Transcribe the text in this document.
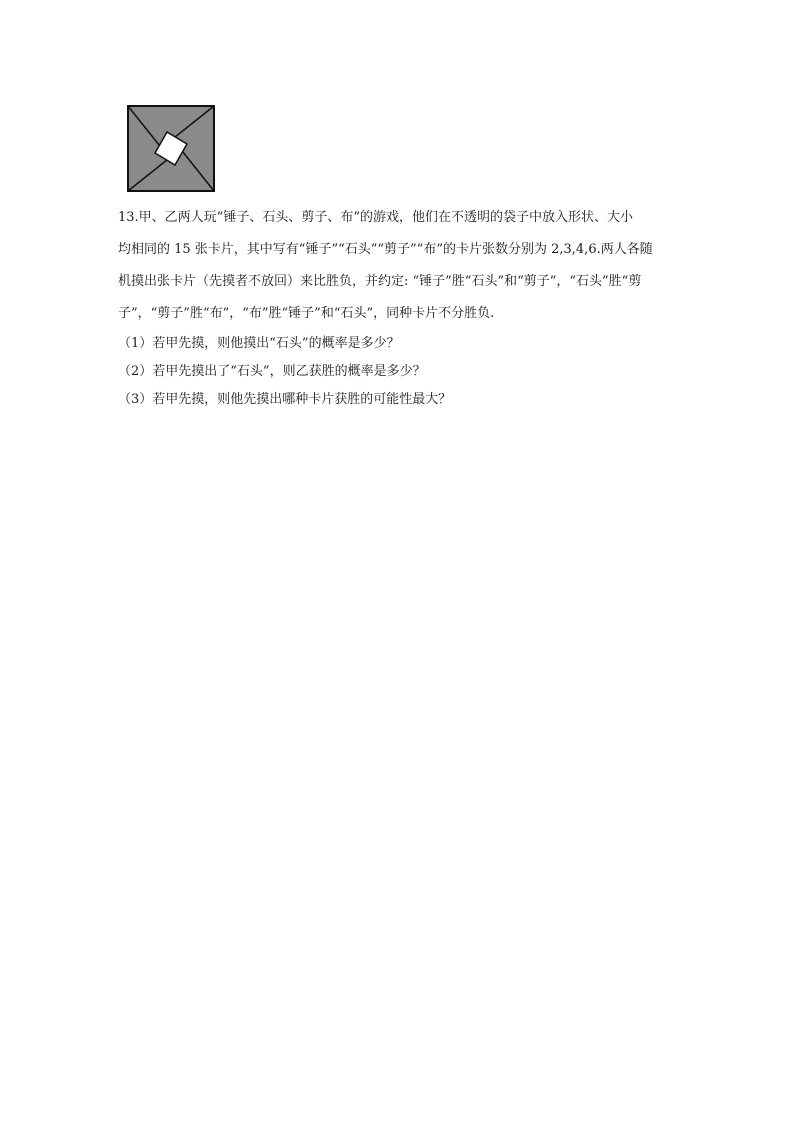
13.甲、乙两人玩“锤子、石头、剪子、布”的游戏，他们在不透明的袋子中放入形状、大小
均相同的 15 张卡片，其中写有“锤子”“石头”“剪子”“布”的卡片张数分别为 2,3,4,6.两人各随
机摸出张卡片（先摸者不放回）来比胜负，并约定: “锤子”胜“石头”和“剪子”，“石头”胜“剪
子”，“剪子”胜“布”，“布”胜“锤子”和“石头”，同种卡片不分胜负.
（1）若甲先摸，则他摸出“石头”的概率是多少？
（2）若甲先摸出了“石头”，则乙获胜的概率是多少？
（3）若甲先摸，则他先摸出哪种卡片获胜的可能性最大？
